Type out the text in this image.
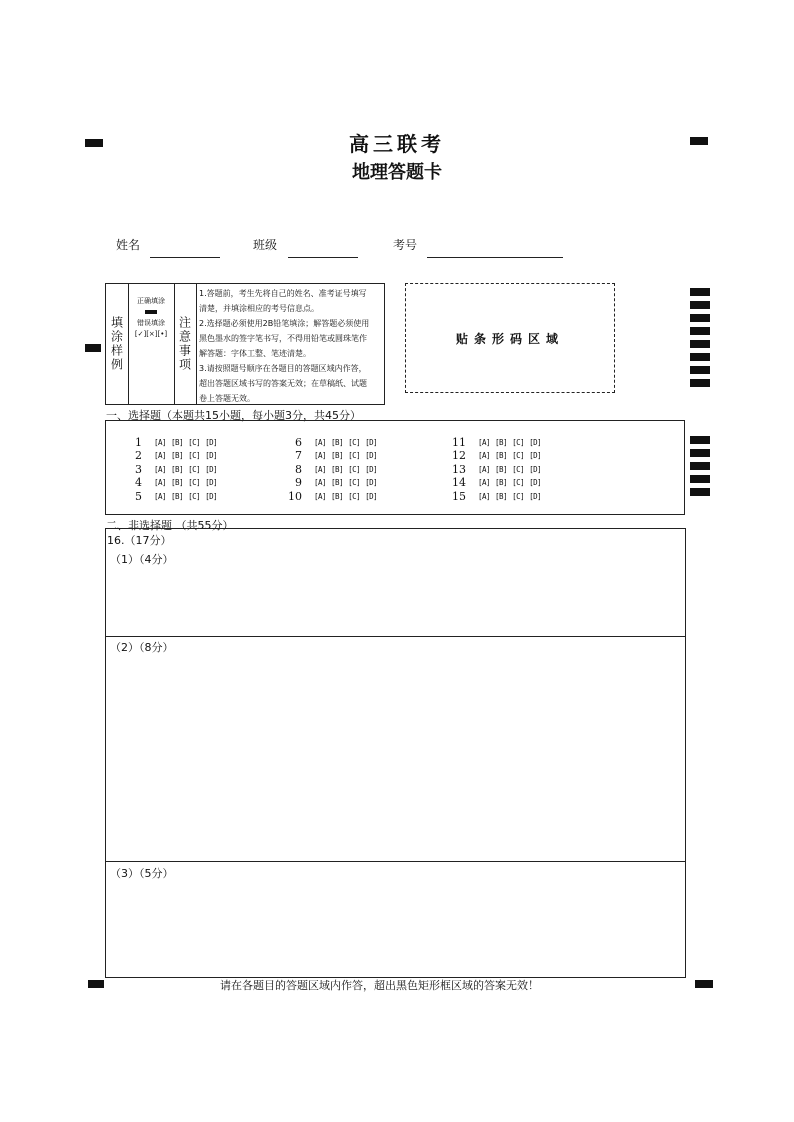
高三联考
地理答题卡
姓名	班级	考号
填涂样例
正确填涂
错误填涂
[✓][×][•] 注意事项
1.答题前，考生先将自己的姓名、准考证号填写
清楚，并填涂相应的考号信息点。
2.选择题必须使用2B铅笔填涂；解答题必须使用
黑色墨水的签字笔书写，不得用铅笔或圆珠笔作
解答题：字体工整、笔迹清楚。
3.请按照题号顺序在各题目的答题区域内作答，
超出答题区域书写的答案无效；在草稿纸、试题
卷上答题无效。
贴条形码区域
一、选择题（本题共15小题，每小题3分，共45分）
1 [A] [B] [C] [D]
2 [A] [B] [C] [D]
3 [A] [B] [C] [D]
4 [A] [B] [C] [D]
5 [A] [B] [C] [D]
6 [A] [B] [C] [D]
7 [A] [B] [C] [D]
8 [A] [B] [C] [D]
9 [A] [B] [C] [D]
10 [A] [B] [C] [D]
11 [A] [B] [C] [D]
12 [A] [B] [C] [D]
13 [A] [B] [C] [D]
14 [A] [B] [C] [D]
15 [A] [B] [C] [D]
二、非选择题 （共55分）
16.（17分）
（1）（4分）
（2）（8分）
（3）（5分）
请在各题目的答题区域内作答，超出黑色矩形框区域的答案无效！
